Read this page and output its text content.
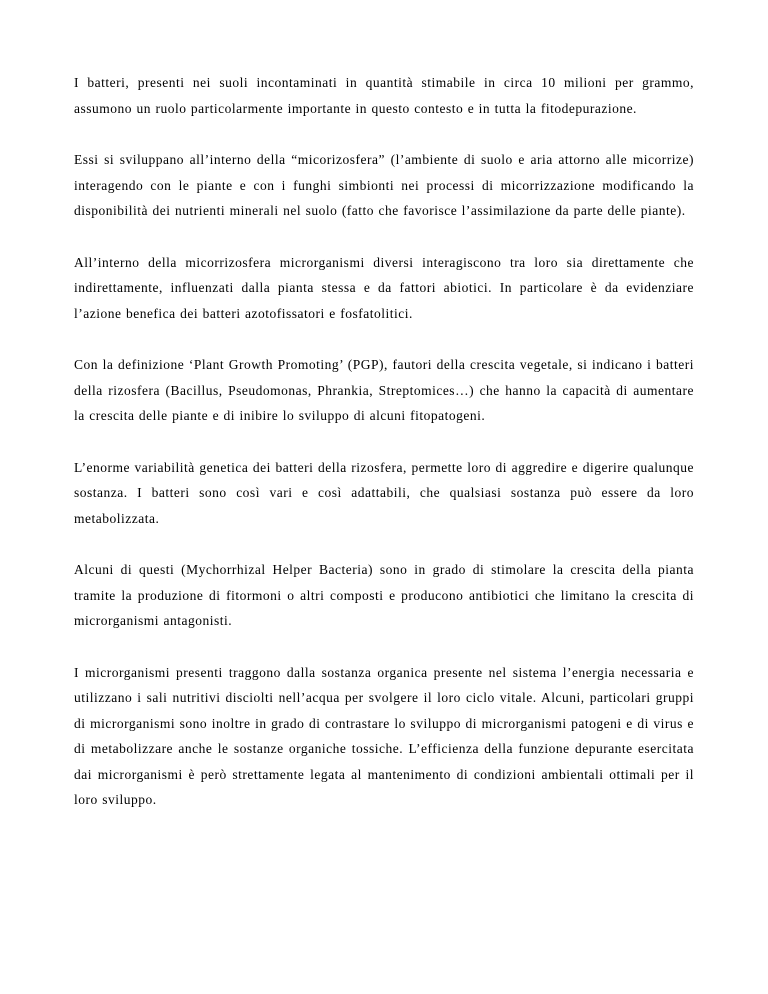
I batteri, presenti nei suoli incontaminati in quantità stimabile in circa 10 milioni per grammo, assumono un ruolo particolarmente importante in questo contesto e in tutta la fitodepurazione.

Essi si sviluppano all’interno della “micorizosfera” (l’ambiente di suolo e aria attorno alle micorrize) interagendo con le piante e con i funghi simbionti nei processi di micorrizzazione modificando la disponibilità dei nutrienti minerali nel suolo (fatto che favorisce l’assimilazione da parte delle piante).

All’interno della micorrizosfera microrganismi diversi interagiscono tra loro sia direttamente che indirettamente, influenzati dalla pianta stessa e da fattori abiotici. In particolare è da evidenziare l’azione benefica dei batteri azotofissatori e fosfatolitici.

Con la definizione ‘Plant Growth Promoting’ (PGP), fautori della crescita vegetale, si indicano i batteri della rizosfera (Bacillus, Pseudomonas, Phrankia, Streptomices…) che hanno la capacità di aumentare la crescita delle piante e di inibire lo sviluppo di alcuni fitopatogeni.

L’enorme variabilità genetica dei batteri della rizosfera, permette loro di aggredire e digerire qualunque sostanza. I batteri sono così vari e così adattabili, che qualsiasi sostanza può essere da loro metabolizzata.

Alcuni di questi (Mychorrhizal Helper Bacteria) sono in grado di stimolare la crescita della pianta tramite la produzione di fitormoni o altri composti e producono antibiotici che limitano la crescita di microrganismi antagonisti.

I microrganismi presenti traggono dalla sostanza organica presente nel sistema l’energia necessaria e utilizzano i sali nutritivi disciolti nell’acqua per svolgere il loro ciclo vitale. Alcuni, particolari gruppi di microrganismi sono inoltre in grado di contrastare lo sviluppo di microrganismi patogeni e di virus e di metabolizzare anche le sostanze organiche tossiche. L’efficienza della funzione depurante esercitata dai microrganismi è però strettamente legata al mantenimento di condizioni ambientali ottimali per il loro sviluppo.
